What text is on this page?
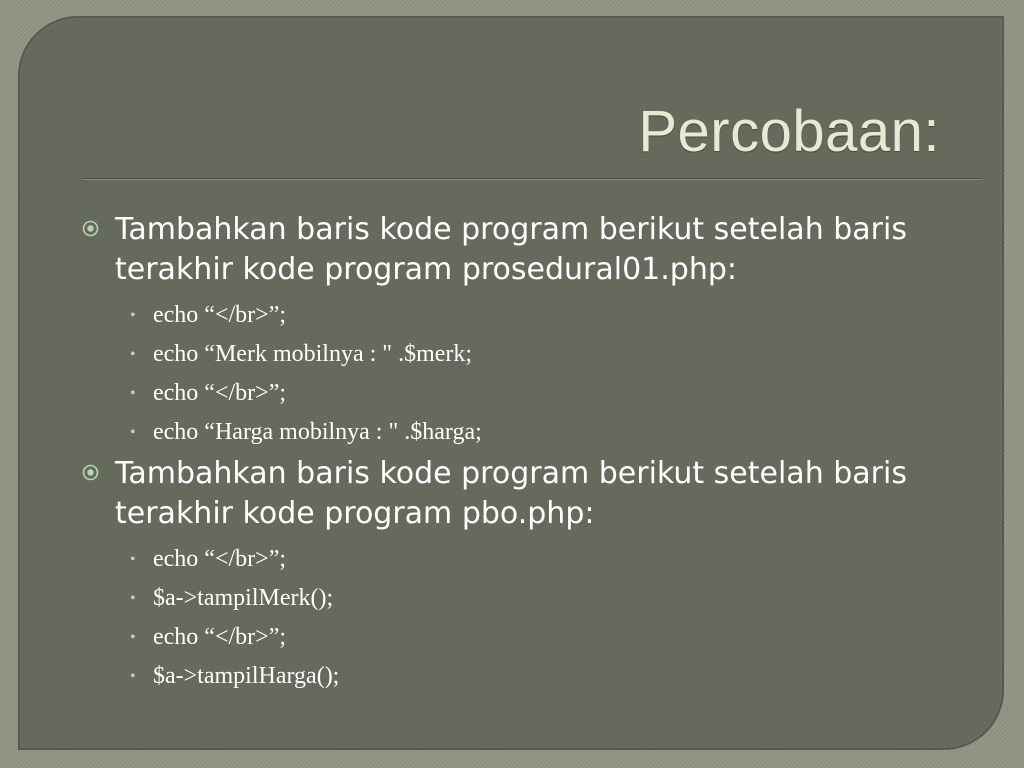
Percobaan:
Tambahkan baris kode program berikut setelah baris terakhir kode program prosedural01.php:
• echo “</br>”;
• echo “Merk mobilnya : " .$merk;
• echo “</br>”;
• echo “Harga mobilnya : " .$harga;
Tambahkan baris kode program berikut setelah baris terakhir kode program pbo.php:
• echo “</br>”;
• $a->tampilMerk();
• echo “</br>”;
• $a->tampilHarga();
